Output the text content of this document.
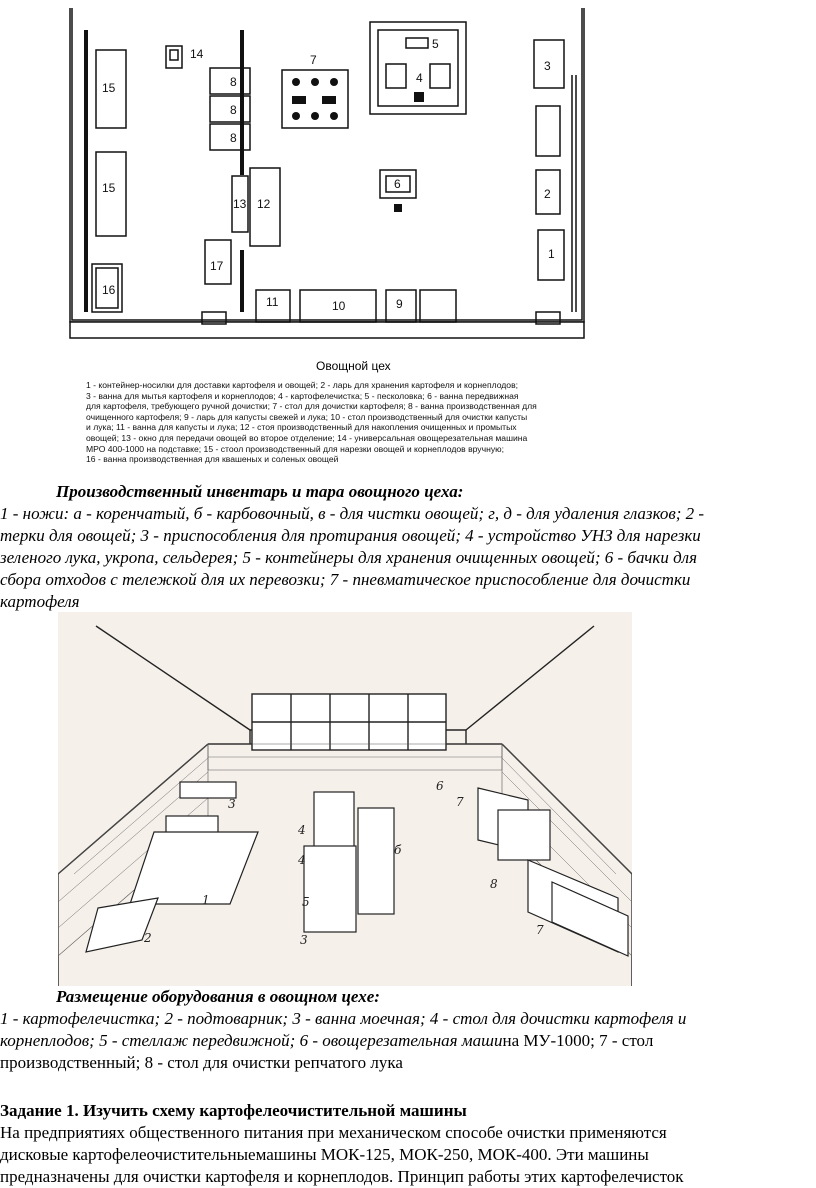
14
15
15
16
8
8
8
13 12
17
11	10	9
7
5
4
6
3
2
1
Овощной цех
1 - контейнер-носилки для доставки картофеля и овощей; 2 - ларь для хранения картофеля и корнеплодов;
3 - ванна для мытья картофеля и корнеплодов; 4 - картофелечистка; 5 - песколовка; 6 - ванна передвижная
для картофеля, требующего ручной дочистки; 7 - стол для дочистки картофеля; 8 - ванна производственная для
очищенного картофеля; 9 - ларь для капусты свежей и лука; 10 - стол производственный для очистки капусты
и лука; 11 - ванна для капусты и лука; 12 - стоя производственный для накопления очищенных и промытых
овощей; 13 - окно для передачи овощей во второе отделение; 14 - универсальная овощерезательная машина
МРО 400-1000 на подставке; 15 - стоол производственный для нарезки овощей и корнеплодов вручную;
16 - ванна производственная для квашеных и соленых овощей
Производственный инвентарь и тара овощного цеха:
1 - ножи: а - коренчатый, б - карбовочный, в - для чистки овощей; г, д - для удаления глазков; 2 -
терки для овощей; 3 - приспособления для протирания овощей; 4 - устройство УНЗ для нарезки
зеленого лука, укропа, сельдерея; 5 - контейнеры для хранения очищенных овощей; 6 - бачки для
сбора отходов с тележкой для их перевозки; 7 - пневматическое приспособление для дочистки
картофеля
3
1
2
4
4
5
3
6
б
7
8
7
Размещение оборудования в овощном цехе:
1 - картофелечистка; 2 - подтоварник; 3 - ванна моечная; 4 - стол для дочистки картофеля и
корнеплодов; 5 - стеллаж передвижной; 6 - овощерезательная машина МУ-1000; 7 - стол
производственный; 8 - стол для очистки репчатого лука
Задание 1. Изучить схему картофелеочистительной машины
На предприятиях общественного питания при механическом способе очистки применяются
дисковые картофелеочистительныемашины МОК-125, МОК-250, МОК-400. Эти машины
предназначены для очистки картофеля и корнеплодов. Принцип работы этих картофелечисток
